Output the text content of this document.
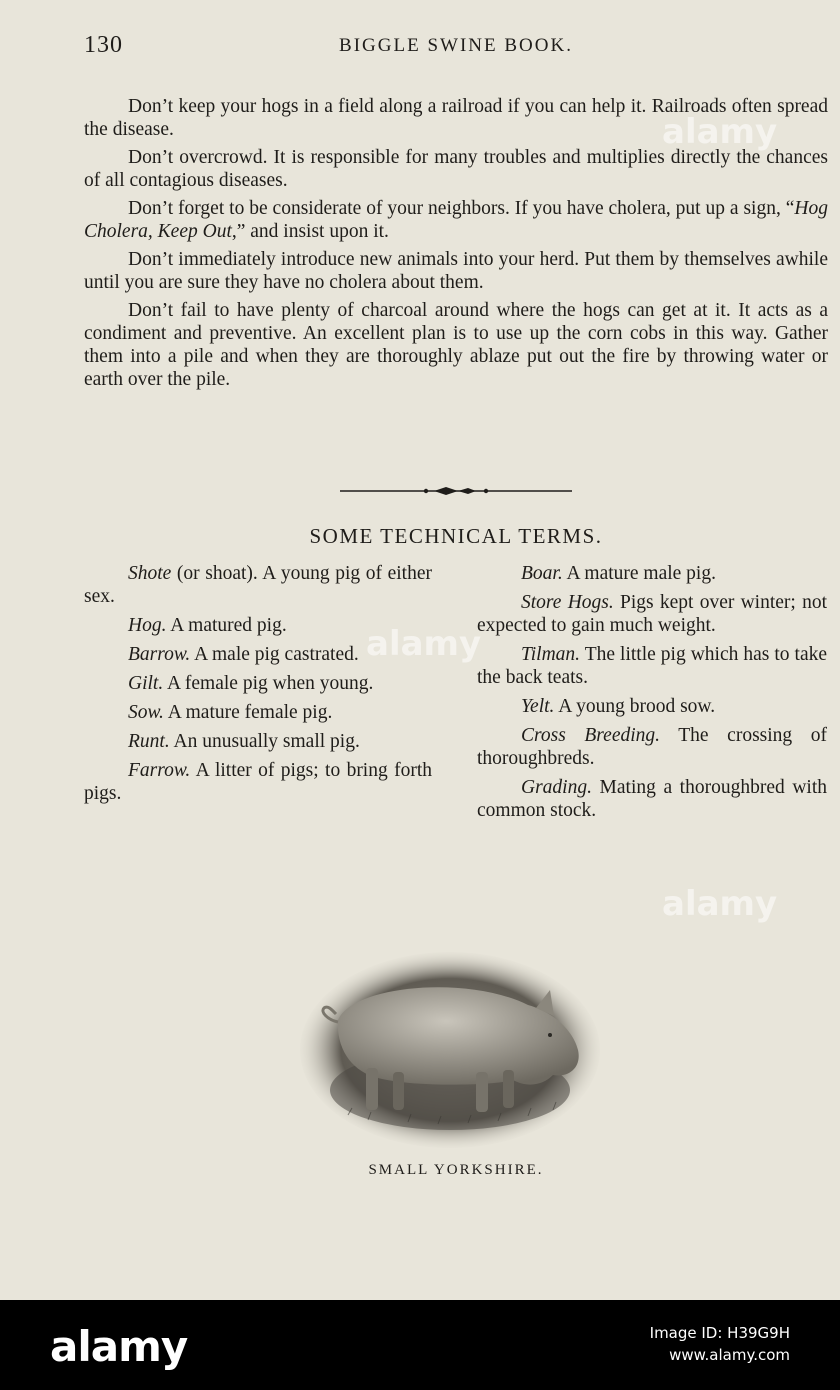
130	BIGGLE SWINE BOOK.

Don’t keep your hogs in a field along a railroad if you can help it. Railroads often spread the disease.

Don’t overcrowd. It is responsible for many troubles and multiplies directly the chances of all contagious diseases.

Don’t forget to be considerate of your neighbors. If you have cholera, put up a sign, “Hog Cholera, Keep Out,” and insist upon it.

Don’t immediately introduce new animals into your herd. Put them by themselves awhile until you are sure they have no cholera about them.

Don’t fail to have plenty of charcoal around where the hogs can get at it. It acts as a condiment and preventive. An excellent plan is to use up the corn cobs in this way. Gather them into a pile and when they are thoroughly ablaze put out the fire by throwing water or earth over the pile.

SOME TECHNICAL TERMS.

Shote (or shoat). A young pig of either sex.

Hog. A matured pig.

Barrow. A male pig castrated.

Gilt. A female pig when young.

Sow. A mature female pig.

Runt. An unusually small pig.

Farrow. A litter of pigs; to bring forth pigs.

Boar. A mature male pig.

Store Hogs. Pigs kept over winter; not expected to gain much weight.

Tilman. The little pig which has to take the back teats.

Yelt. A young brood sow.

Cross Breeding. The crossing of thoroughbreds.

Grading. Mating a thoroughbred with common stock.

SMALL YORKSHIRE.
alamy
alamy
alamy
alamy	Image ID: H39G9H
www.alamy.com
